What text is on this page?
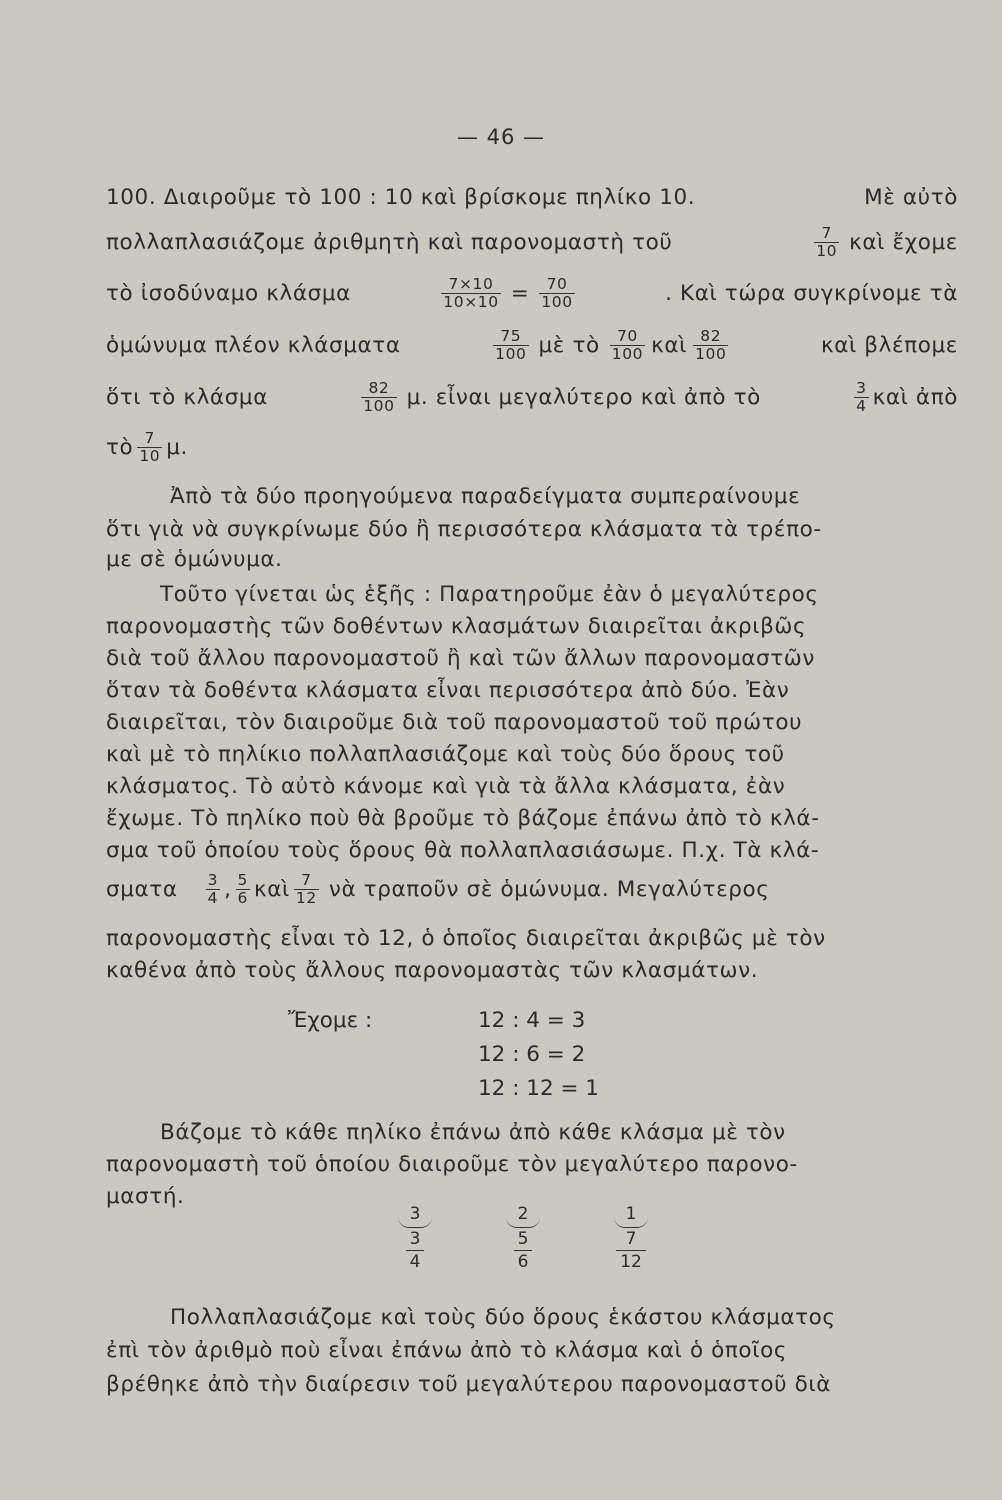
— 46 —
100. Διαιροῦμε τὸ 100 : 10 καὶ βρίσκομε πηλίκο 10.	Μὲ αὐτὸ
πολλαπλασιάζομε ἀριθμητὴ καὶ παρονομαστὴ τοῦ	$\frac{7}{10}$ καὶ ἔχομε
τὸ ἰσοδύναμο κλάσμα	$\frac{7\times 10}{10\times 10} = \frac{70}{100}$	. Καὶ τώρα συγκρίνομε τὰ
ὁμώνυμα πλέον κλάσματα	$\frac{75}{100}$ μὲ τὸ $\frac{70}{100}$ καὶ $\frac{82}{100}$	καὶ βλέπομε
ὅτι τὸ κλάσμα	$\frac{82}{100} \mu$. εἶναι μεγαλύτερο καὶ ἀπὸ τὸ	$\frac{3}{4}$ καὶ ἀπὸ
τὸ $\frac{7}{10} \mu$.
Ἀπὸ τὰ δύο προηγούμενα παραδείγματα συμπεραίνουμε
ὅτι γιὰ νὰ συγκρίνωμε δύο ἢ περισσότερα κλάσματα τὰ τρέπο-
με σὲ ὁμώνυμα.
Τοῦτο γίνεται ὡς ἑξῆς : Παρατηροῦμε ἐὰν ὁ μεγαλύτερος
παρονομαστὴς τῶν δοθέντων κλασμάτων διαιρεῖται ἀκριβῶς
διὰ τοῦ ἄλλου παρονομαστοῦ ἢ καὶ τῶν ἄλλων παρονομαστῶν
ὅταν τὰ δοθέντα κλάσματα εἶναι περισσότερα ἀπὸ δύο. Ἐὰν
διαιρεῖται, τὸν διαιροῦμε διὰ τοῦ παρονομαστοῦ τοῦ πρώτου
καὶ μὲ τὸ πηλίκιο πολλαπλασιάζομε καὶ τοὺς δύο ὅρους τοῦ
κλάσματος. Τὸ αὐτὸ κάνομε καὶ γιὰ τὰ ἄλλα κλάσματα, ἐὰν
ἔχωμε. Τὸ πηλίκο ποὺ θὰ βροῦμε τὸ βάζομε ἐπάνω ἀπὸ τὸ κλά-
σμα τοῦ ὁποίου τοὺς ὅρους θὰ πολλαπλασιάσωμε. Π.χ. Τὰ κλά-
σματα $\frac{3}{4}$ , $\frac{5}{6}$ καὶ $\frac{7}{12}$ νὰ τραποῦν σὲ ὁμώνυμα. Μεγαλύτερος
παρονομαστὴς εἶναι τὸ 12, ὁ ὁποῖος διαιρεῖται ἀκριβῶς μὲ τὸν
καθένα ἀπὸ τοὺς ἄλλους παρονομαστὰς τῶν κλασμάτων.
Ἔχομε :	12 : 4 = 3
12 : 6 = 2
12 : 12 = 1
Βάζομε τὸ κάθε πηλίκο ἐπάνω ἀπὸ κάθε κλάσμα μὲ τὸν
παρονομαστὴ τοῦ ὁποίου διαιροῦμε τὸν μεγαλύτερο παρονο-
μαστή.
3
3
4
2
5
6
1
7
12
Πολλαπλασιάζομε καὶ τοὺς δύο ὅρους ἑκάστου κλάσματος
ἐπὶ τὸν ἀριθμὸ ποὺ εἶναι ἐπάνω ἀπὸ τὸ κλάσμα καὶ ὁ ὁποῖος
βρέθηκε ἀπὸ τὴν διαίρεσιν τοῦ μεγαλύτερου παρονομαστοῦ διὰ
